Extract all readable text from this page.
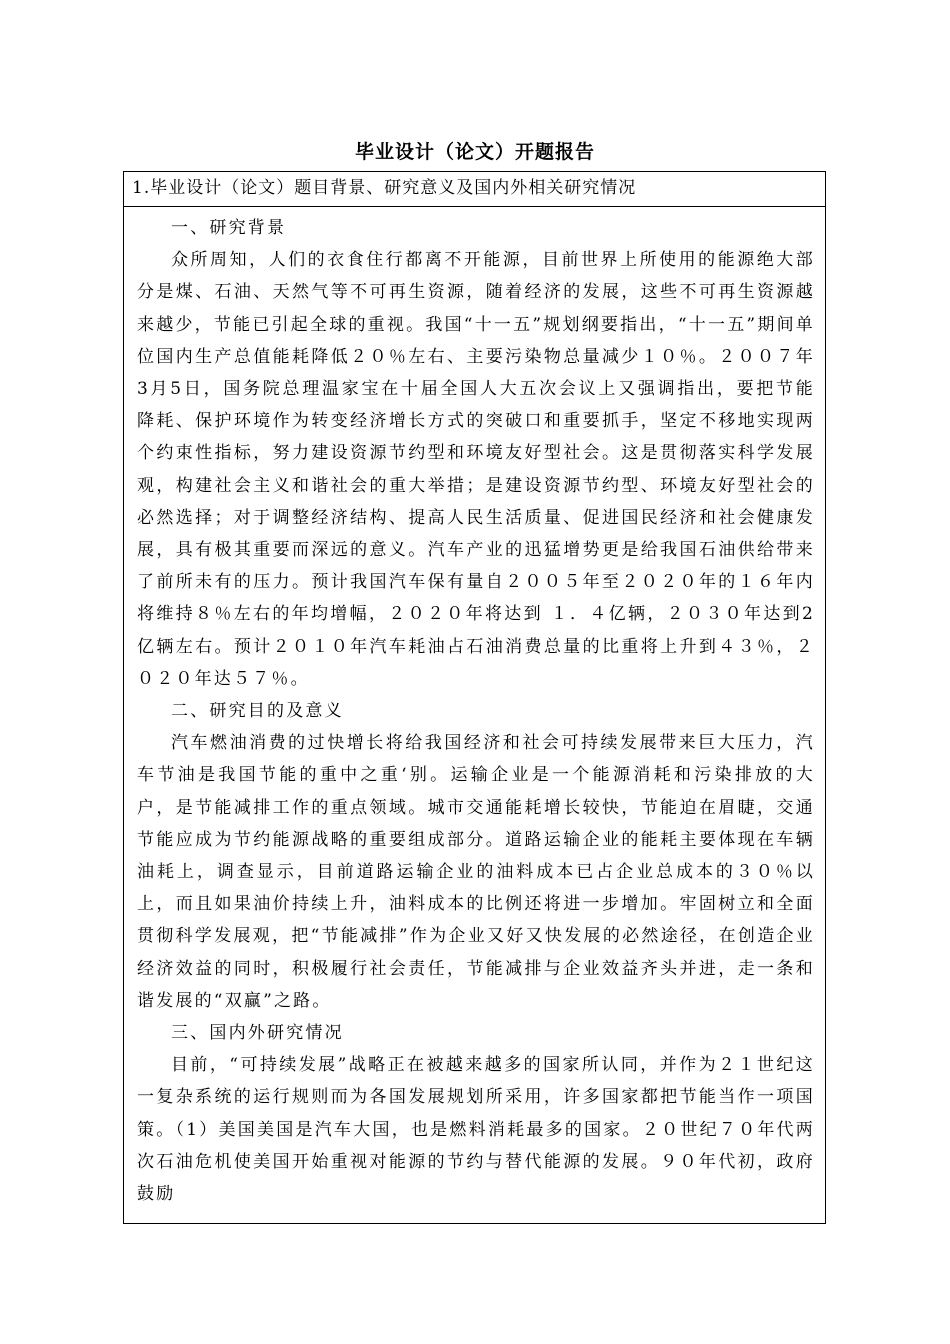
毕业设计（论文）开题报告
1.毕业设计（论文）题目背景、研究意义及国内外相关研究情况

一、研究背景

众所周知，人们的衣食住行都离不开能源，目前世界上所使用的能源绝大部分是煤、石油、天然气等不可再生资源，随着经济的发展，这些不可再生资源越来越少，节能已引起全球的重视。我国“十一五”规划纲要指出，“十一五”期间单位国内生产总值能耗降低２０％左右、主要污染物总量减少１０％。２００７年3月5日，国务院总理温家宝在十届全国人大五次会议上又强调指出，要把节能降耗、保护环境作为转变经济增长方式的突破口和重要抓手，坚定不移地实现两个约束性指标，努力建设资源节约型和环境友好型社会。这是贯彻落实科学发展观，构建社会主义和谐社会的重大举措；是建设资源节约型、环境友好型社会的必然选择；对于调整经济结构、提高人民生活质量、促进国民经济和社会健康发展，具有极其重要而深远的意义。汽车产业的迅猛增势更是给我国石油供给带来了前所未有的压力。预计我国汽车保有量自２００５年至２０２０年的１６年内将维持８％左右的年均增幅，２０２０年将达到 １．４亿辆，２０３０年达到2亿辆左右。预计２０１０年汽车耗油占石油消费总量的比重将上升到４３％，２０２０年达５７％。

二、研究目的及意义

汽车燃油消费的过快增长将给我国经济和社会可持续发展带来巨大压力，汽车节油是我国节能的重中之重‘别。运输企业是一个能源消耗和污染排放的大户，是节能减排工作的重点领域。城市交通能耗增长较快，节能迫在眉睫，交通节能应成为节约能源战略的重要组成部分。道路运输企业的能耗主要体现在车辆油耗上，调查显示，目前道路运输企业的油料成本已占企业总成本的３０％以上，而且如果油价持续上升，油料成本的比例还将进一步增加。牢固树立和全面贯彻科学发展观，把“节能减排”作为企业又好又快发展的必然途径，在创造企业经济效益的同时，积极履行社会责任，节能减排与企业效益齐头并进，走一条和谐发展的“双赢”之路。

三、国内外研究情况

目前，“可持续发展”战略正在被越来越多的国家所认同，并作为２１世纪这一复杂系统的运行规则而为各国发展规划所采用，许多国家都把节能当作一项国策。（1）美国美国是汽车大国，也是燃料消耗最多的国家。２０世纪７０年代两次石油危机使美国开始重视对能源的节约与替代能源的发展。９０年代初，政府鼓励
